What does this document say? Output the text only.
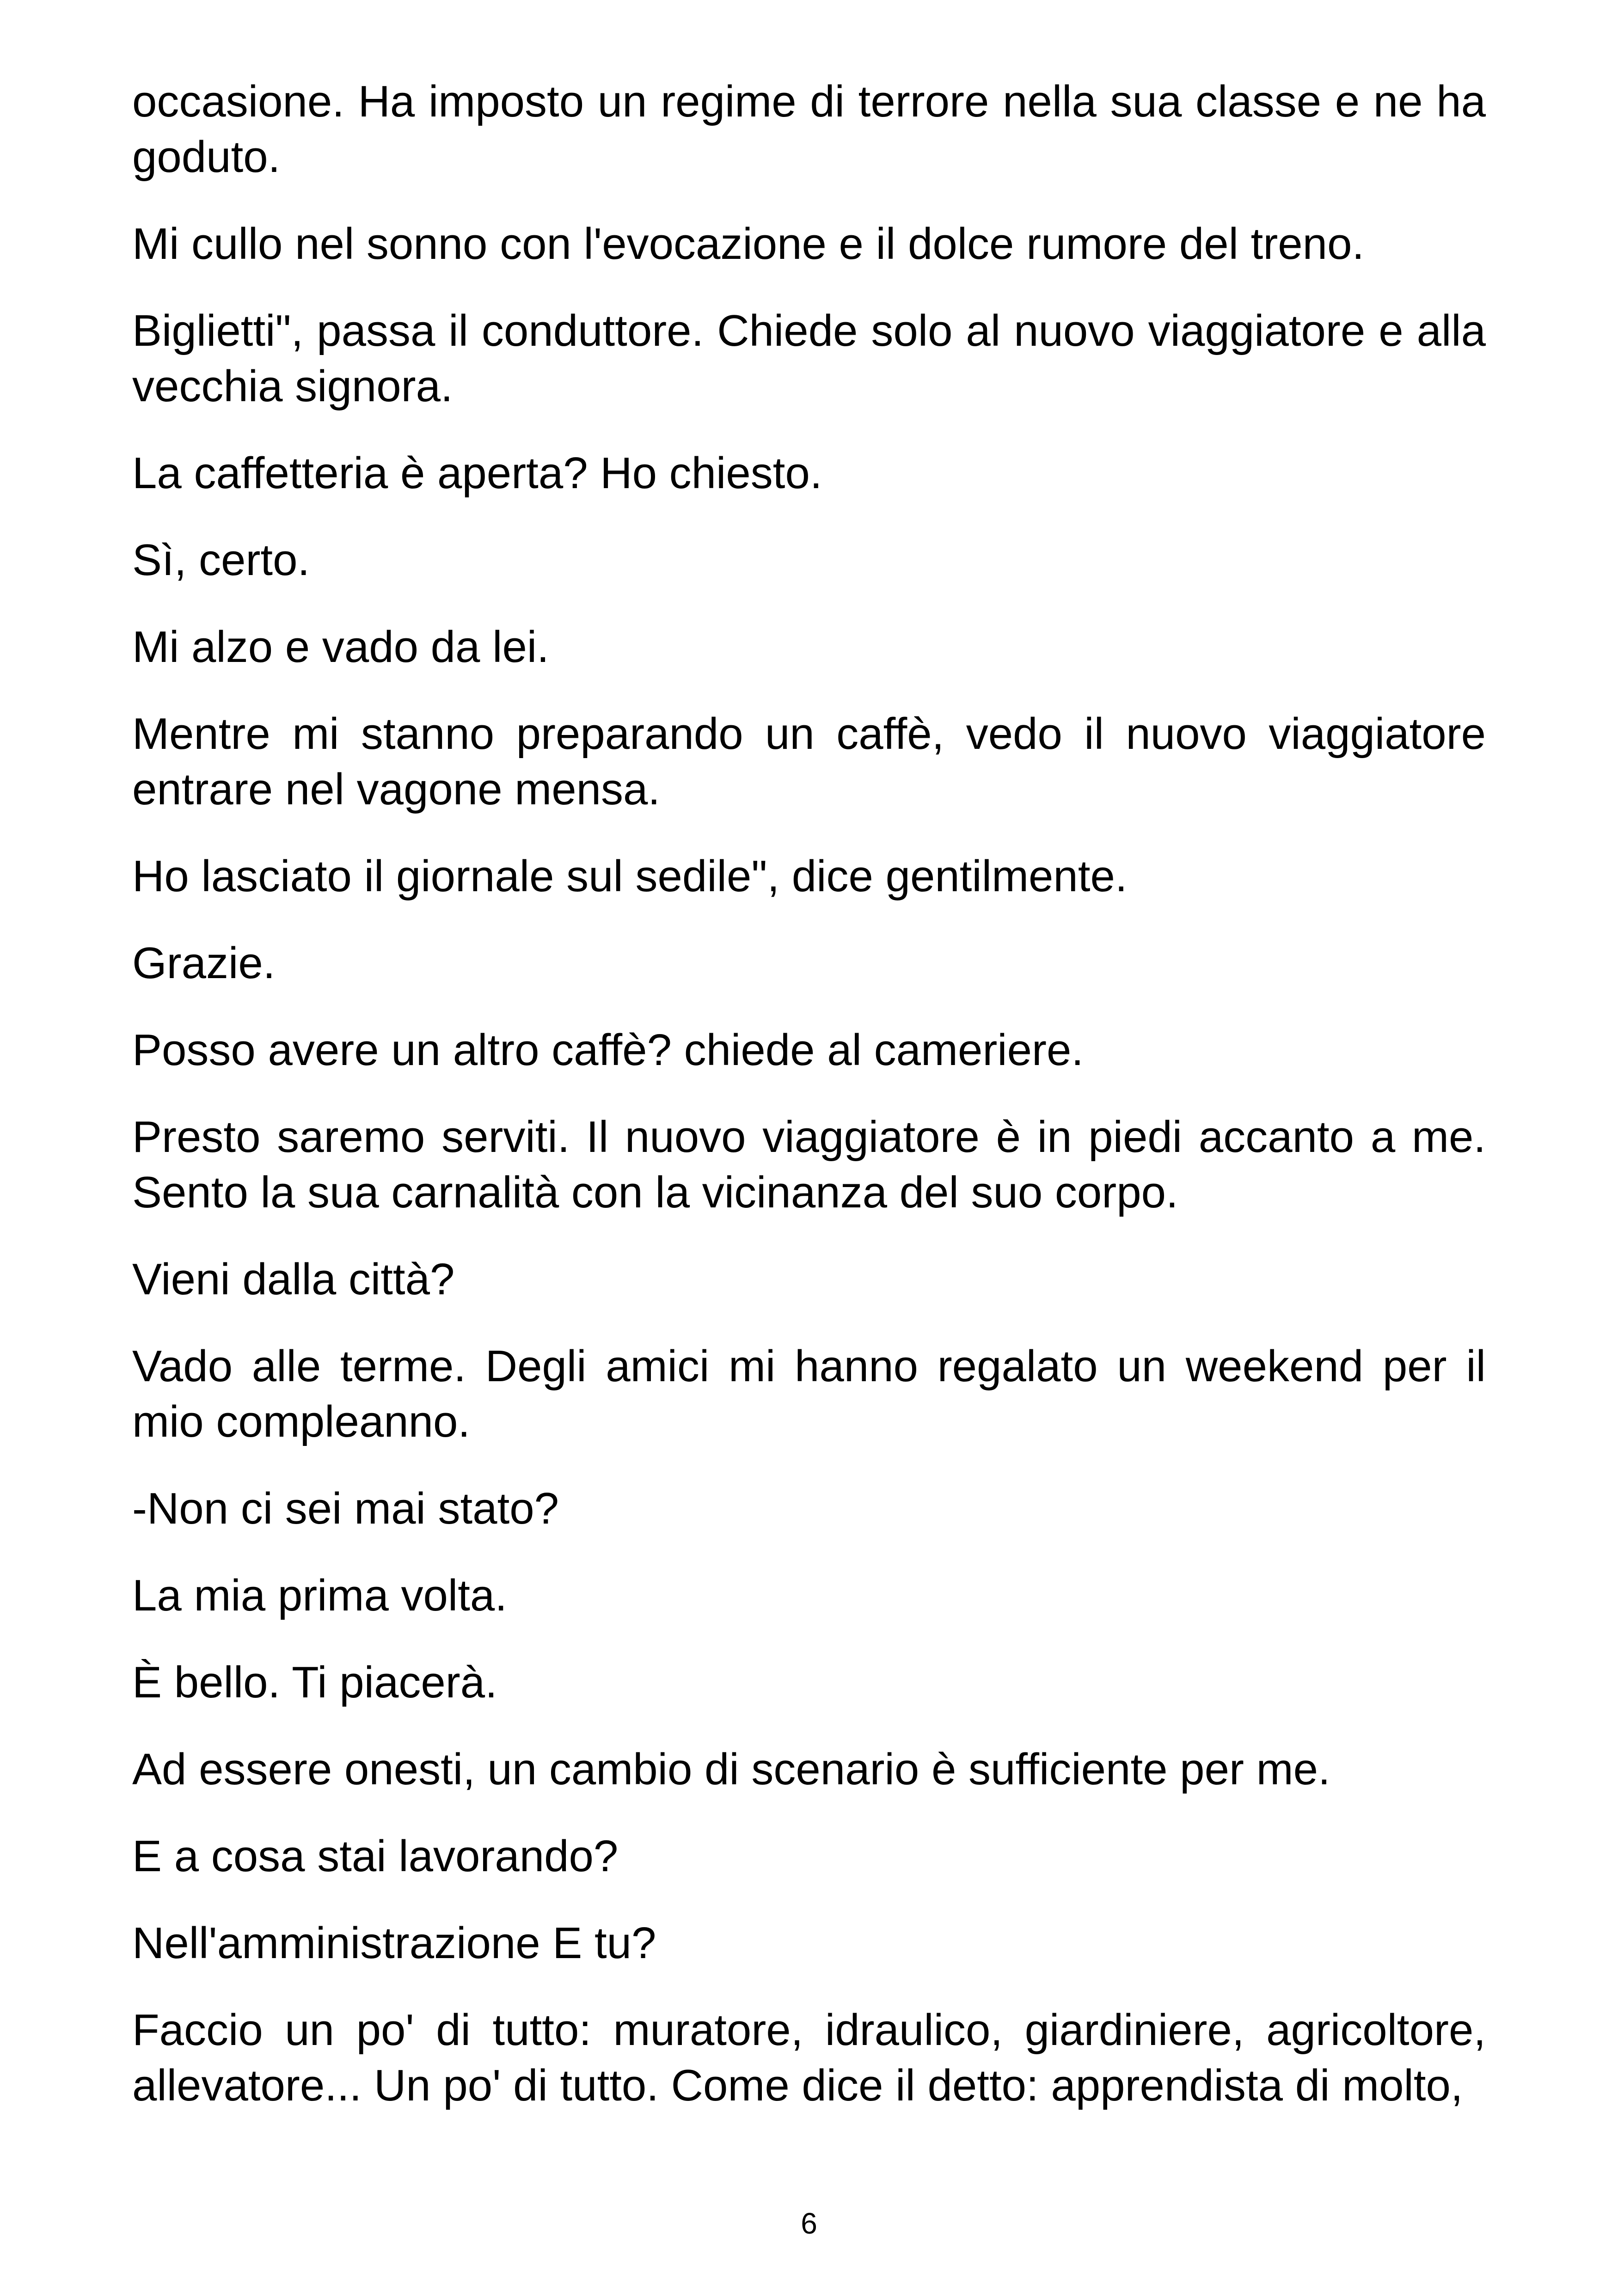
occasione. Ha imposto un regime di terrore nella sua classe e ne ha goduto.

Mi cullo nel sonno con l'evocazione e il dolce rumore del treno.

Biglietti", passa il conduttore. Chiede solo al nuovo viaggiatore e alla vecchia signora.

La caffetteria è aperta? Ho chiesto.

Sì, certo.

Mi alzo e vado da lei.

Mentre mi stanno preparando un caffè, vedo il nuovo viaggiatore entrare nel vagone mensa.

Ho lasciato il giornale sul sedile", dice gentilmente.

Grazie.

Posso avere un altro caffè? chiede al cameriere.

Presto saremo serviti. Il nuovo viaggiatore è in piedi accanto a me. Sento la sua carnalità con la vicinanza del suo corpo.

Vieni dalla città?

Vado alle terme. Degli amici mi hanno regalato un weekend per il mio compleanno.

-Non ci sei mai stato?

La mia prima volta.

È bello. Ti piacerà.

Ad essere onesti, un cambio di scenario è sufficiente per me.

E a cosa stai lavorando?

Nell'amministrazione E tu?

Faccio un po' di tutto: muratore, idraulico, giardiniere, agricoltore, allevatore... Un po' di tutto. Come dice il detto: apprendista di molto,

6
